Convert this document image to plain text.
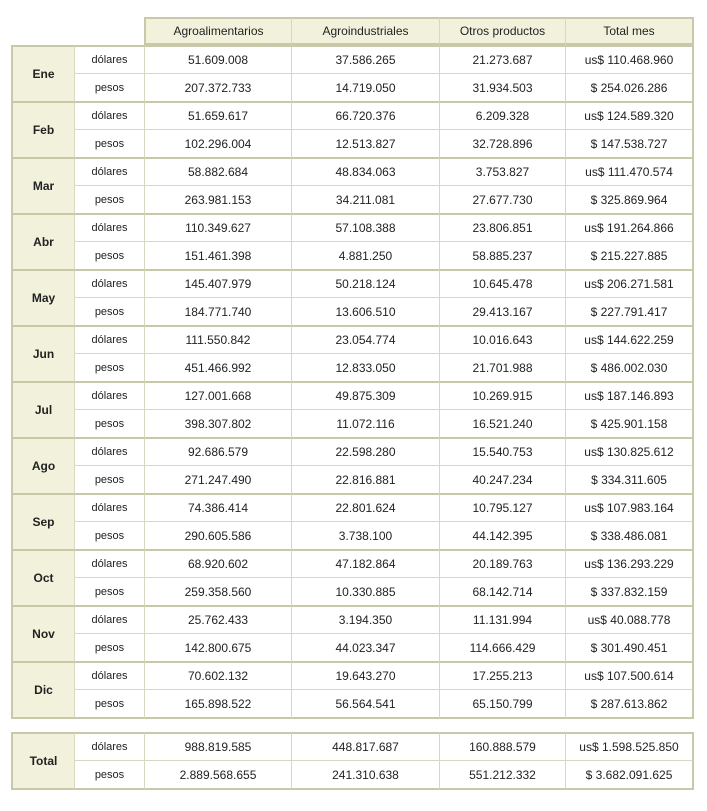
		Agroalimentarios	Agroindustriales	Otros productos	Total mes
Ene	dólares	51.609.008	37.586.265	21.273.687	us$ 110.468.960
	pesos	207.372.733	14.719.050	31.934.503	$ 254.026.286
Feb	dólares	51.659.617	66.720.376	6.209.328	us$ 124.589.320
	pesos	102.296.004	12.513.827	32.728.896	$ 147.538.727
Mar	dólares	58.882.684	48.834.063	3.753.827	us$ 111.470.574
	pesos	263.981.153	34.211.081	27.677.730	$ 325.869.964
Abr	dólares	110.349.627	57.108.388	23.806.851	us$ 191.264.866
	pesos	151.461.398	4.881.250	58.885.237	$ 215.227.885
May	dólares	145.407.979	50.218.124	10.645.478	us$ 206.271.581
	pesos	184.771.740	13.606.510	29.413.167	$ 227.791.417
Jun	dólares	111.550.842	23.054.774	10.016.643	us$ 144.622.259
	pesos	451.466.992	12.833.050	21.701.988	$ 486.002.030
Jul	dólares	127.001.668	49.875.309	10.269.915	us$ 187.146.893
	pesos	398.307.802	11.072.116	16.521.240	$ 425.901.158
Ago	dólares	92.686.579	22.598.280	15.540.753	us$ 130.825.612
	pesos	271.247.490	22.816.881	40.247.234	$ 334.311.605
Sep	dólares	74.386.414	22.801.624	10.795.127	us$ 107.983.164
	pesos	290.605.586	3.738.100	44.142.395	$ 338.486.081
Oct	dólares	68.920.602	47.182.864	20.189.763	us$ 136.293.229
	pesos	259.358.560	10.330.885	68.142.714	$ 337.832.159
Nov	dólares	25.762.433	3.194.350	11.131.994	us$ 40.088.778
	pesos	142.800.675	44.023.347	114.666.429	$ 301.490.451
Dic	dólares	70.602.132	19.643.270	17.255.213	us$ 107.500.614
	pesos	165.898.522	56.564.541	65.150.799	$ 287.613.862
Total	dólares	988.819.585	448.817.687	160.888.579	us$ 1.598.525.850
	pesos	2.889.568.655	241.310.638	551.212.332	$ 3.682.091.625
